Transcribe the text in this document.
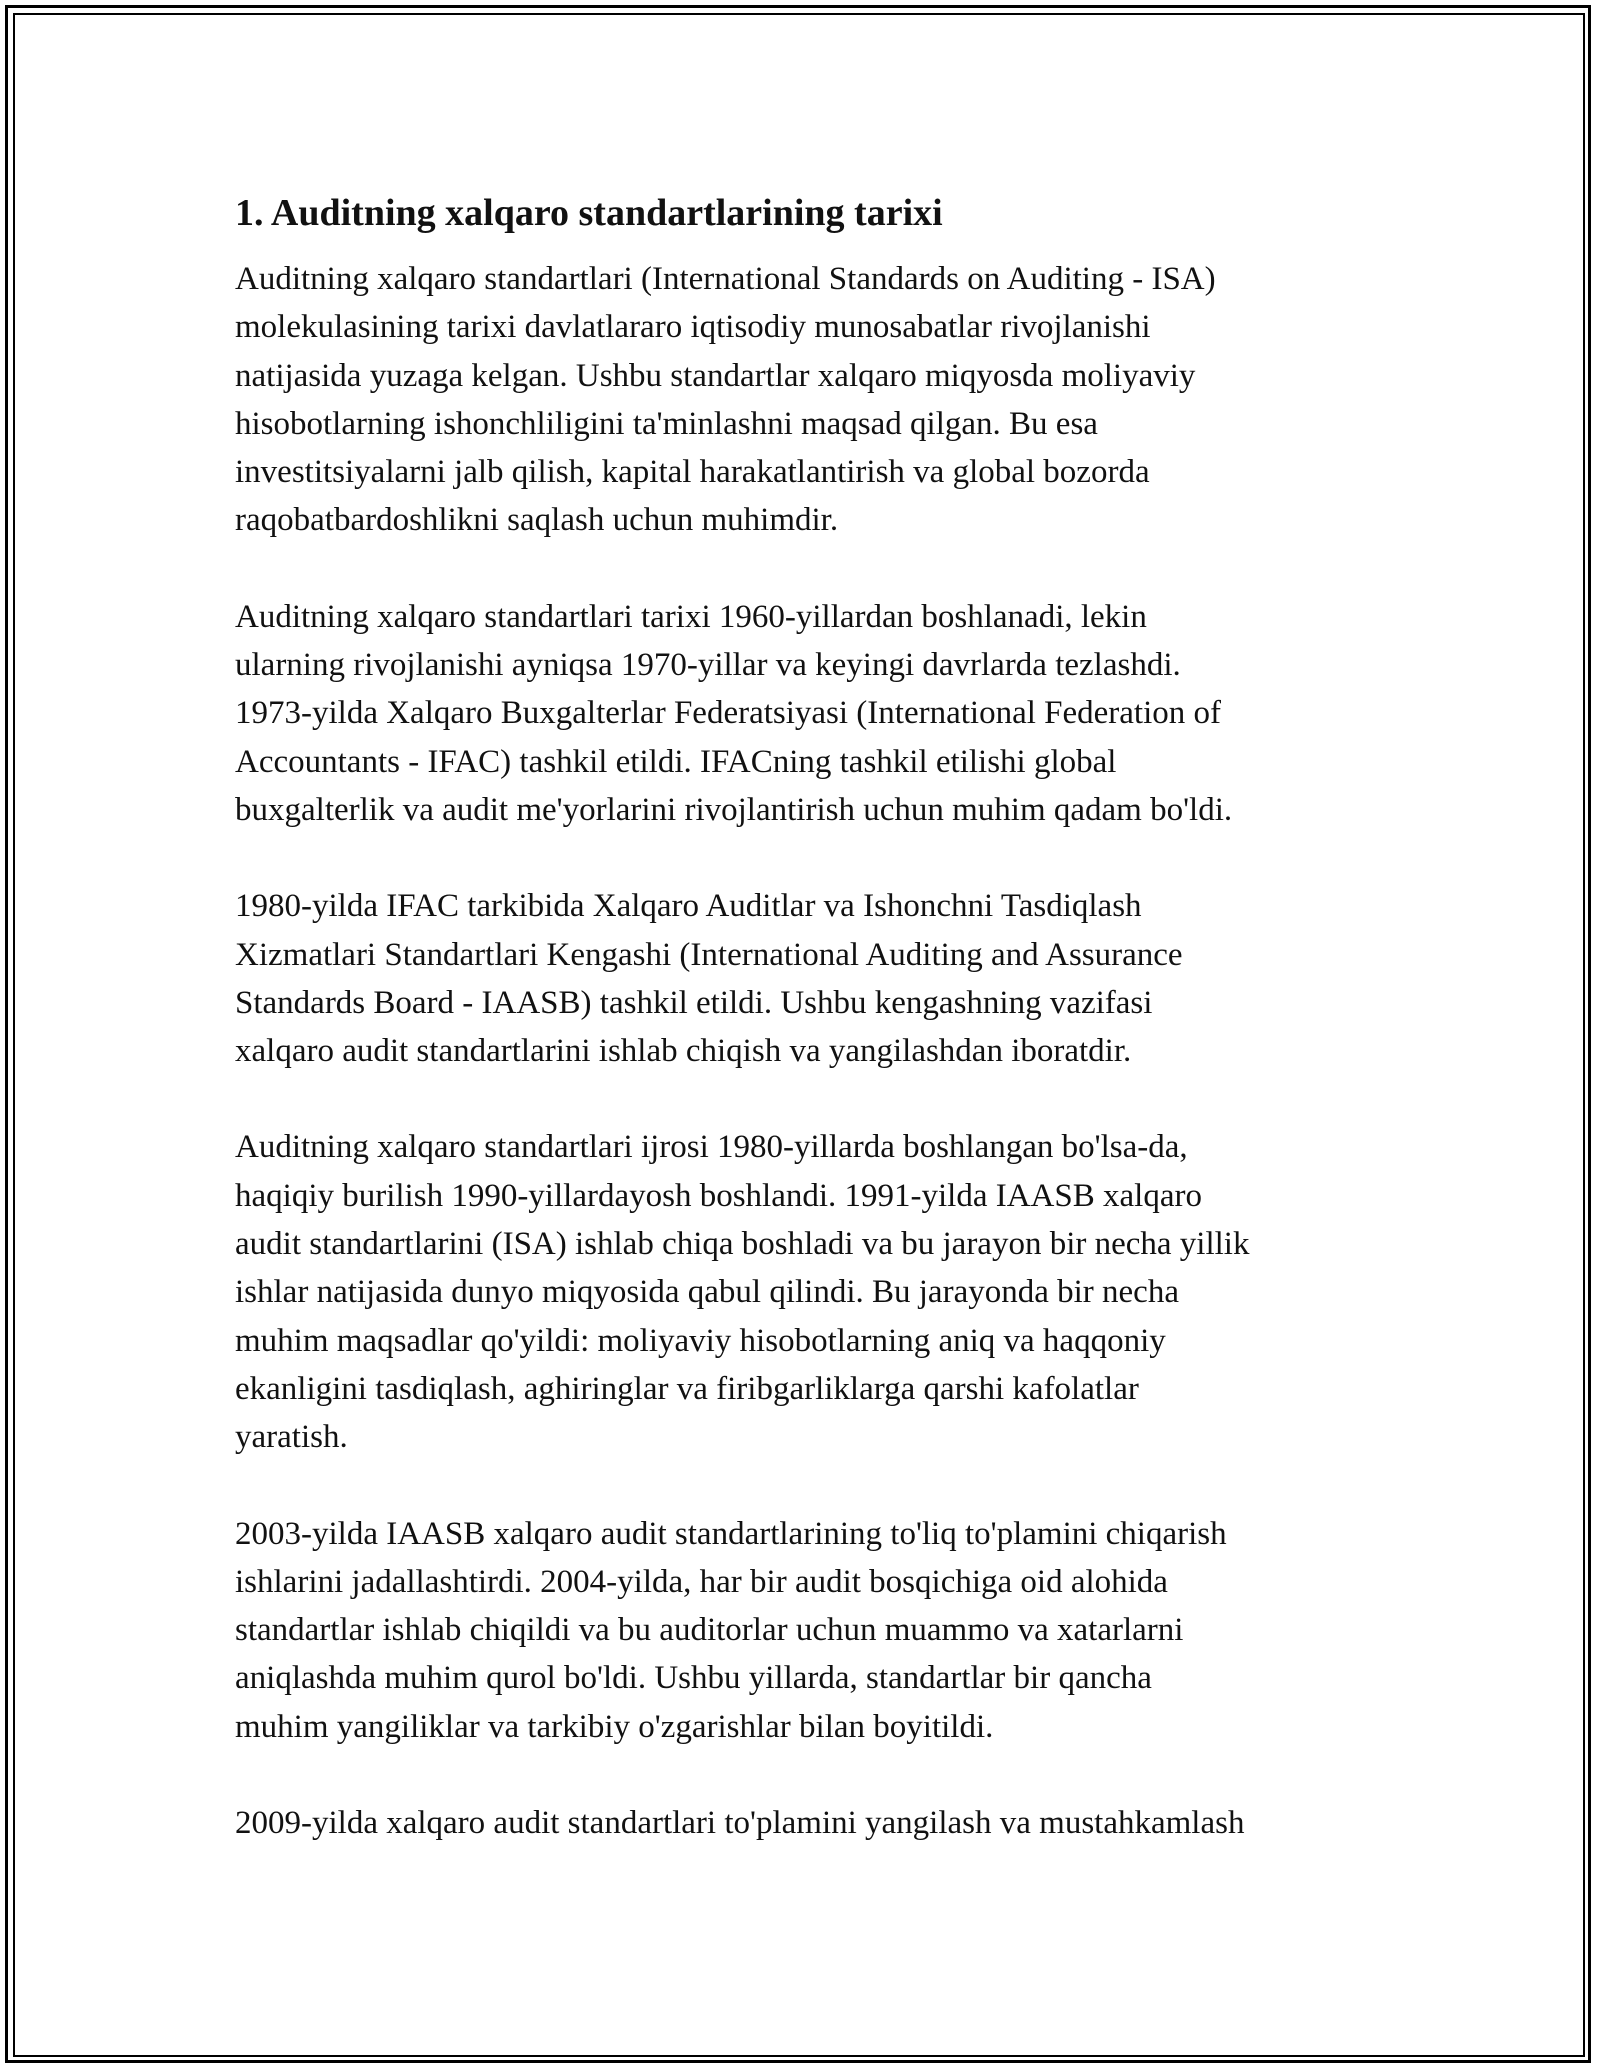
1. Auditning xalqaro standartlarining tarixi
Auditning xalqaro standartlari (International Standards on Auditing - ISA)
molekulasining tarixi davlatlararo iqtisodiy munosabatlar rivojlanishi
natijasida yuzaga kelgan. Ushbu standartlar xalqaro miqyosda moliyaviy
hisobotlarning ishonchliligini ta'minlashni maqsad qilgan. Bu esa
investitsiyalarni jalb qilish, kapital harakatlantirish va global bozorda
raqobatbardoshlikni saqlash uchun muhimdir.
Auditning xalqaro standartlari tarixi 1960-yillardan boshlanadi, lekin
ularning rivojlanishi ayniqsa 1970-yillar va keyingi davrlarda tezlashdi.
1973-yilda Xalqaro Buxgalterlar Federatsiyasi (International Federation of
Accountants - IFAC) tashkil etildi. IFACning tashkil etilishi global
buxgalterlik va audit me'yorlarini rivojlantirish uchun muhim qadam bo'ldi.
1980-yilda IFAC tarkibida Xalqaro Auditlar va Ishonchni Tasdiqlash
Xizmatlari Standartlari Kengashi (International Auditing and Assurance
Standards Board - IAASB) tashkil etildi. Ushbu kengashning vazifasi
xalqaro audit standartlarini ishlab chiqish va yangilashdan iboratdir.
Auditning xalqaro standartlari ijrosi 1980-yillarda boshlangan bo'lsa-da,
haqiqiy burilish 1990-yillardayosh boshlandi. 1991-yilda IAASB xalqaro
audit standartlarini (ISA) ishlab chiqa boshladi va bu jarayon bir necha yillik
ishlar natijasida dunyo miqyosida qabul qilindi. Bu jarayonda bir necha
muhim maqsadlar qo'yildi: moliyaviy hisobotlarning aniq va haqqoniy
ekanligini tasdiqlash, aghiringlar va firibgarliklarga qarshi kafolatlar
yaratish.
2003-yilda IAASB xalqaro audit standartlarining to'liq to'plamini chiqarish
ishlarini jadallashtirdi. 2004-yilda, har bir audit bosqichiga oid alohida
standartlar ishlab chiqildi va bu auditorlar uchun muammo va xatarlarni
aniqlashda muhim qurol bo'ldi. Ushbu yillarda, standartlar bir qancha
muhim yangiliklar va tarkibiy o'zgarishlar bilan boyitildi.
2009-yilda xalqaro audit standartlari to'plamini yangilash va mustahkamlash
